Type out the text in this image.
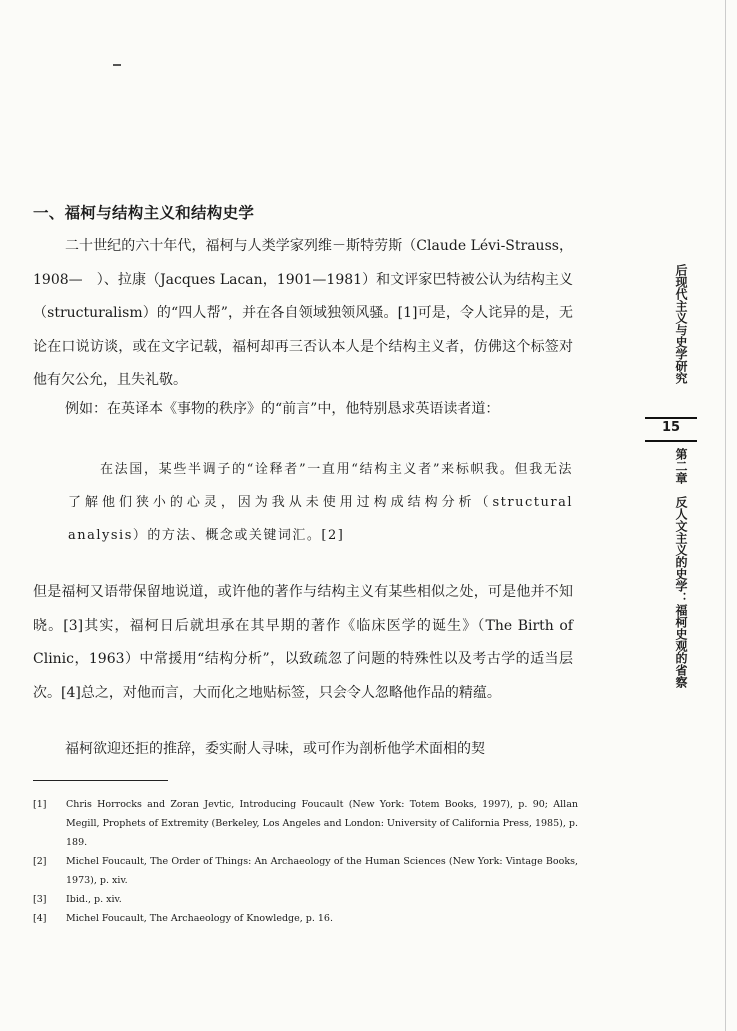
一、福柯与结构主义和结构史学
二十世纪的六十年代，福柯与人类学家列维－斯特劳斯（Claude Lévi-Strauss，1908—　）、拉康（Jacques Lacan，1901—1981）和文评家巴特被公认为结构主义（structuralism）的“四人帮”，并在各自领域独领风骚。[1]可是，令人诧异的是，无论在口说访谈，或在文字记载，福柯却再三否认本人是个结构主义者，仿佛这个标签对他有欠公允，且失礼敬。
例如：在英译本《事物的秩序》的“前言”中，他特别恳求英语读者道：
在法国，某些半调子的“诠释者”一直用“结构主义者”来标帜我。但我无法了解他们狭小的心灵，因为我从未使用过构成结构分析（structural analysis）的方法、概念或关键词汇。[2]
但是福柯又语带保留地说道，或许他的著作与结构主义有某些相似之处，可是他并不知晓。[3]其实，福柯日后就坦承在其早期的著作《临床医学的诞生》（The Birth of Clinic，1963）中常援用“结构分析”，以致疏忽了问题的特殊性以及考古学的适当层次。[4]总之，对他而言，大而化之地贴标签，只会令人忽略他作品的精蕴。
福柯欲迎还拒的推辞，委实耐人寻味，或可作为剖析他学术面相的契
[1]	Chris Horrocks and Zoran Jevtic, Introducing Foucault (New York: Totem Books, 1997), p. 90; Allan Megill, Prophets of Extremity (Berkeley, Los Angeles and London: University of California Press, 1985), p. 189.
[2]	Michel Foucault, The Order of Things: An Archaeology of the Human Sciences (New York: Vintage Books, 1973), p. xiv.
[3]	Ibid., p. xiv.
[4]	Michel Foucault, The Archaeology of Knowledge, p. 16.
后现代主义与史学研究
15
第二章　反人文主义的史学：福柯史观的省察
